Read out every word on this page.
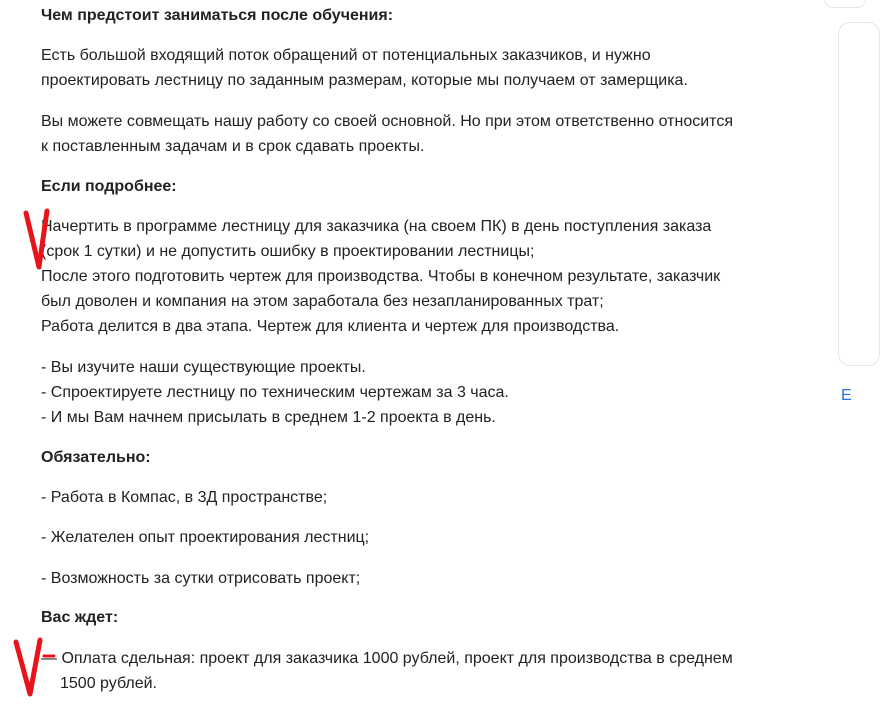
Чем предстоит заниматься после обучения:
Есть большой входящий поток обращений от потенциальных заказчиков, и нужно
проектировать лестницу по заданным размерам, которые мы получаем от замерщика.
Вы можете совмещать нашу работу со своей основной. Но при этом ответственно относится
к поставленным задачам и в срок сдавать проекты.
Если подробнее:
Начертить в программе лестницу для заказчика (на своем ПК) в день поступления заказа
(срок 1 сутки) и не допустить ошибку в проектировании лестницы;
После этого подготовить чертеж для производства. Чтобы в конечном результате, заказчик
был доволен и компания на этом заработала без незапланированных трат;
Работа делится в два этапа. Чертеж для клиента и чертеж для производства.
- Вы изучите наши существующие проекты.
- Спроектируете лестницу по техническим чертежам за 3 часа.
- И мы Вам начнем присылать в среднем 1-2 проекта в день.
Обязательно:
- Работа в Компас, в 3Д пространстве;
- Желателен опыт проектирования лестниц;
- Возможность за сутки отрисовать проект;
Вас ждет:
— Оплата сдельная: проект для заказчика 1000 рублей, проект для производства в среднем
1500 рублей.
Е
